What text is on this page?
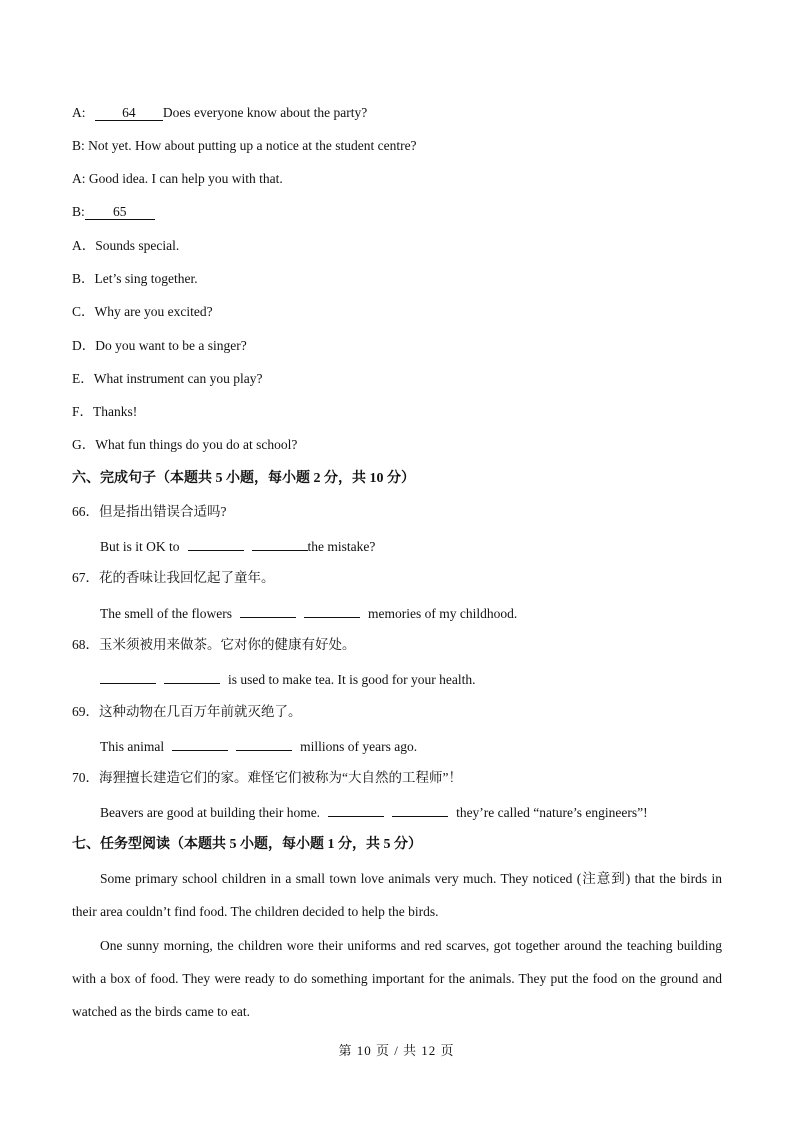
A:	64 Does everyone know about the party?
B: Not yet. How about putting up a notice at the student centre?
A: Good idea. I can help you with that.
B: 65
A．Sounds special.
B．Let’s sing together.
C．Why are you excited?
D．Do you want to be a singer?
E．What instrument can you play?
F．Thanks!
G．What fun things do you do at school?
六、完成句子（本题共 5 小题，每小题 2 分，共 10 分）
66．但是指出错误合适吗?
But is it OK to	the mistake?
67．花的香味让我回忆起了童年。
The smell of the flowers	memories of my childhood.
68．玉米须被用来做茶。它对你的健康有好处。
is used to make tea. It is good for your health.
69．这种动物在几百万年前就灭绝了。
This animal	millions of years ago.
70．海狸擅长建造它们的家。难怪它们被称为“大自然的工程师”！
Beavers are good at building their home.	they’re called “nature’s engineers”!
七、任务型阅读（本题共 5 小题，每小题 1 分，共 5 分）

Some primary school children in a small town love animals very much. They noticed (注意到) that the birds in their area couldn’t find food. The children decided to help the birds.

One sunny morning, the children wore their uniforms and red scarves, got together around the teaching building with a box of food. They were ready to do something important for the animals. They put the food on the ground and watched as the birds came to eat.

第 10 页 / 共 12 页
